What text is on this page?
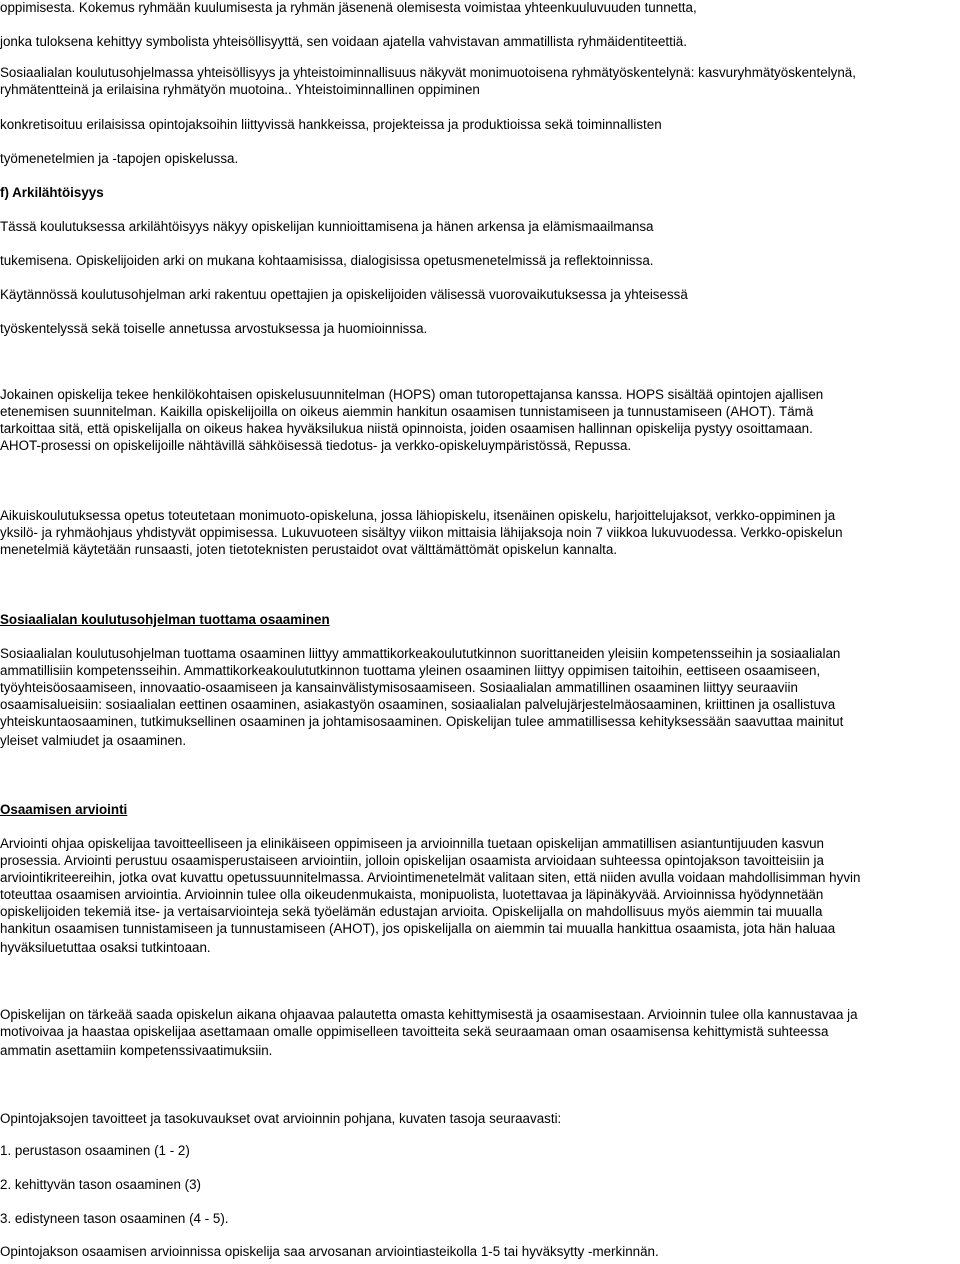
oppimisesta. Kokemus ryhmään kuulumisesta ja ryhmän jäsenenä olemisesta voimistaa yhteenkuuluvuuden tunnetta,

jonka tuloksena kehittyy symbolista yhteisöllisyyttä, sen voidaan ajatella vahvistavan ammatillista ryhmäidentiteettiä.

Sosiaalialan koulutusohjelmassa yhteisöllisyys ja yhteistoiminnallisuus näkyvät monimuotoisena ryhmätyöskentelynä: kasvuryhmätyöskentelynä,

ryhmätentteinä ja erilaisina ryhmätyön muotoina.. Yhteistoiminnallinen oppiminen

konkretisoituu erilaisissa opintojaksoihin liittyvissä hankkeissa, projekteissa ja produktioissa sekä toiminnallisten

työmenetelmien ja -tapojen opiskelussa.

f) Arkilähtöisyys

Tässä koulutuksessa arkilähtöisyys näkyy opiskelijan kunnioittamisena ja hänen arkensa ja elämismaailmansa

tukemisena. Opiskelijoiden arki on mukana kohtaamisissa, dialogisissa opetusmenetelmissä ja reflektoinnissa.

Käytännössä koulutusohjelman arki rakentuu opettajien ja opiskelijoiden välisessä vuorovaikutuksessa ja yhteisessä

työskentelyssä sekä toiselle annetussa arvostuksessa ja huomioinnissa.

Jokainen opiskelija tekee henkilökohtaisen opiskelusuunnitelman (HOPS) oman tutoropettajansa kanssa. HOPS sisältää opintojen ajallisen

etenemisen suunnitelman. Kaikilla opiskelijoilla on oikeus aiemmin hankitun osaamisen tunnistamiseen ja tunnustamiseen (AHOT). Tämä

tarkoittaa sitä, että opiskelijalla on oikeus hakea hyväksilukua niistä opinnoista, joiden osaamisen hallinnan opiskelija pystyy osoittamaan.

AHOT-prosessi on opiskelijoille nähtävillä sähköisessä tiedotus- ja verkko-opiskeluympäristössä, Repussa.

Aikuiskoulutuksessa opetus toteutetaan monimuoto-opiskeluna, jossa lähiopiskelu, itsenäinen opiskelu, harjoittelujaksot, verkko-oppiminen ja

yksilö- ja ryhmäohjaus yhdistyvät oppimisessa. Lukuvuoteen sisältyy viikon mittaisia lähijaksoja noin 7 viikkoa lukuvuodessa. Verkko-opiskelun

menetelmiä käytetään runsaasti, joten tietoteknisten perustaidot ovat välttämättömät opiskelun kannalta.

Sosiaalialan koulutusohjelman tuottama osaaminen

Sosiaalialan koulutusohjelman tuottama osaaminen liittyy ammattikorkeakoulututkinnon suorittaneiden yleisiin kompetensseihin ja sosiaalialan

ammatillisiin kompetensseihin. Ammattikorkeakoulututkinnon tuottama yleinen osaaminen liittyy oppimisen taitoihin, eettiseen osaamiseen,

työyhteisöosaamiseen, innovaatio-osaamiseen ja kansainvälistymisosaamiseen. Sosiaalialan ammatillinen osaaminen liittyy seuraaviin

osaamisalueisiin: sosiaalialan eettinen osaaminen, asiakastyön osaaminen, sosiaalialan palvelujärjestelmäosaaminen, kriittinen ja osallistuva

yhteiskuntaosaaminen, tutkimuksellinen osaaminen ja johtamisosaaminen. Opiskelijan tulee ammatillisessa kehityksessään saavuttaa mainitut

yleiset valmiudet ja osaaminen.

Osaamisen arviointi

Arviointi ohjaa opiskelijaa tavoitteelliseen ja elinikäiseen oppimiseen ja arvioinnilla tuetaan opiskelijan ammatillisen asiantuntijuuden kasvun

prosessia. Arviointi perustuu osaamisperustaiseen arviointiin, jolloin opiskelijan osaamista arvioidaan suhteessa opintojakson tavoitteisiin ja

arviointikriteereihin, jotka ovat kuvattu opetussuunnitelmassa. Arviointimenetelmät valitaan siten, että niiden avulla voidaan mahdollisimman hyvin

toteuttaa osaamisen arviointia. Arvioinnin tulee olla oikeudenmukaista, monipuolista, luotettavaa ja läpinäkyvää. Arvioinnissa hyödynnetään

opiskelijoiden tekemiä itse- ja vertaisarviointeja sekä työelämän edustajan arvioita. Opiskelijalla on mahdollisuus myös aiemmin tai muualla

hankitun osaamisen tunnistamiseen ja tunnustamiseen (AHOT), jos opiskelijalla on aiemmin tai muualla hankittua osaamista, jota hän haluaa

hyväksiluetuttaa osaksi tutkintoaan.

Opiskelijan on tärkeää saada opiskelun aikana ohjaavaa palautetta omasta kehittymisestä ja osaamisestaan. Arvioinnin tulee olla kannustavaa ja

motivoivaa ja haastaa opiskelijaa asettamaan omalle oppimiselleen tavoitteita sekä seuraamaan oman osaamisensa kehittymistä suhteessa

ammatin asettamiin kompetenssivaatimuksiin.

Opintojaksojen tavoitteet ja tasokuvaukset ovat arvioinnin pohjana, kuvaten tasoja seuraavasti:

1. perustason osaaminen (1 - 2)

2. kehittyvän tason osaaminen (3)

3. edistyneen tason osaaminen (4 - 5).

Opintojakson osaamisen arvioinnissa opiskelija saa arvosanan arviointiasteikolla 1-5 tai hyväksytty -merkinnän.
